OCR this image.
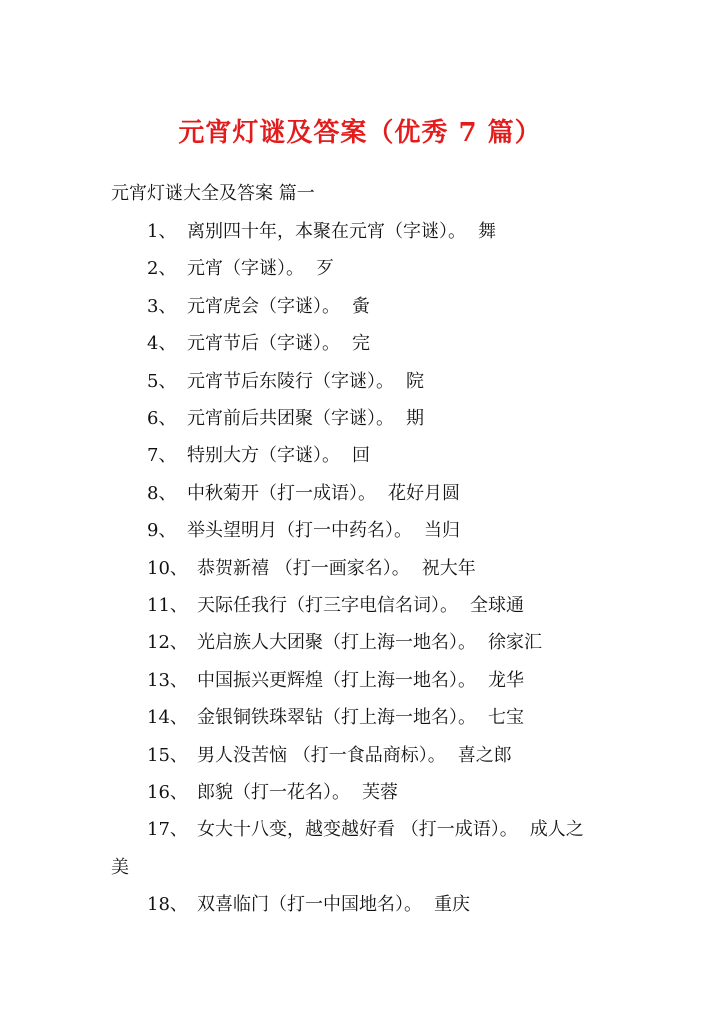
元宵灯谜及答案（优秀 7 篇）
元宵灯谜大全及答案 篇一
1、 离别四十年，本聚在元宵（字谜）。 舞
2、 元宵（字谜）。 歹
3、 元宵虎会（字谜）。 夤
4、 元宵节后（字谜）。 完
5、 元宵节后东陵行（字谜）。 院
6、 元宵前后共团聚（字谜）。 期
7、 特别大方（字谜）。 回
8、 中秋菊开（打一成语）。 花好月圆
9、 举头望明月（打一中药名）。 当归
10、 恭贺新禧 （打一画家名）。 祝大年
11、 天际任我行（打三字电信名词）。 全球通
12、 光启族人大团聚（打上海一地名）。 徐家汇
13、 中国振兴更辉煌（打上海一地名）。 龙华
14、 金银铜铁珠翠钻（打上海一地名）。 七宝
15、 男人没苦恼 （打一食品商标）。 喜之郎
16、 郎貌（打一花名）。 芙蓉
17、 女大十八变，越变越好看 （打一成语）。 成人之
美
18、 双喜临门（打一中国地名）。 重庆
